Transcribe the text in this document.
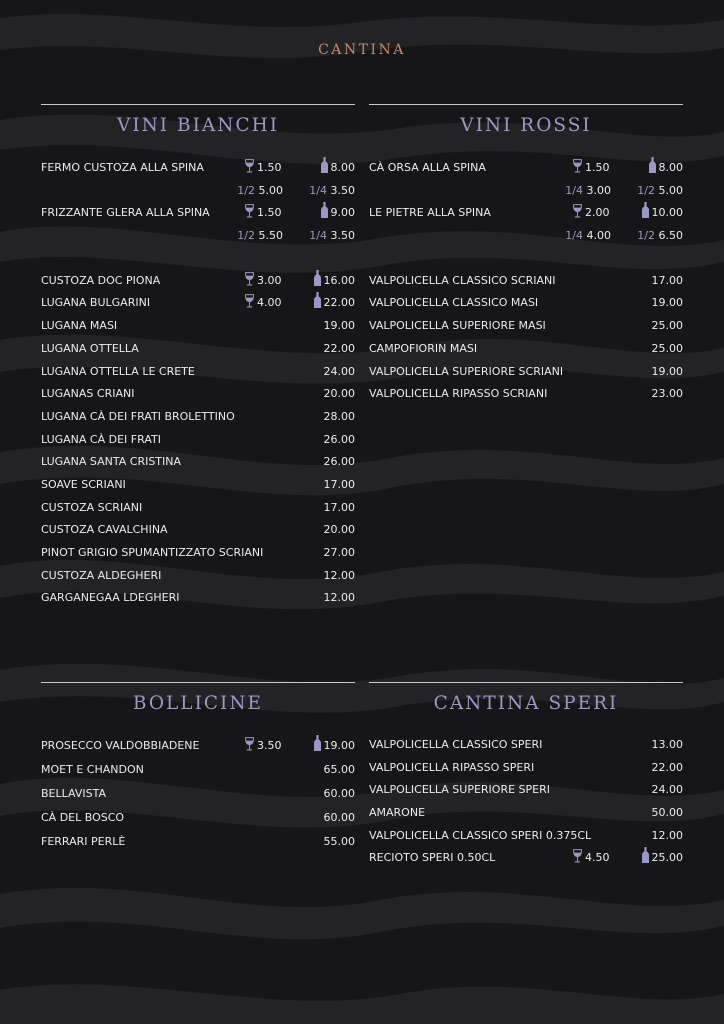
CANTINA
VINI BIANCHI
FERMO CUSTOZA ALLA SPINA	1.50	8.00
1/2 5.00 1/4 3.50
FRIZZANTE GLERA ALLA SPINA	1.50	9.00
1/2 5.50 1/4 3.50
CUSTOZA DOC PIONA	3.00	16.00
LUGANA BULGARINI	4.00	22.00
LUGANA MASI	19.00
LUGANA OTTELLA	22.00
LUGANA OTTELLA LE CRETE	24.00
LUGANAS CRIANI	20.00
LUGANA CÀ DEI FRATI BROLETTINO	28.00
LUGANA CÀ DEI FRATI	26.00
LUGANA SANTA CRISTINA	26.00
SOAVE SCRIANI	17.00
CUSTOZA SCRIANI	17.00
CUSTOZA CAVALCHINA	20.00
PINOT GRIGIO SPUMANTIZZATO SCRIANI	27.00
CUSTOZA ALDEGHERI	12.00
GARGANEGAA LDEGHERI	12.00
VINI ROSSI
CÀ ORSA ALLA SPINA	1.50	8.00
1/4 3.00 1/2 5.00
LE PIETRE ALLA SPINA	2.00	10.00
1/4 4.00 1/2 6.50
VALPOLICELLA CLASSICO SCRIANI	17.00
VALPOLICELLA CLASSICO MASI	19.00
VALPOLICELLA SUPERIORE MASI	25.00
CAMPOFIORIN MASI	25.00
VALPOLICELLA SUPERIORE SCRIANI	19.00
VALPOLICELLA RIPASSO SCRIANI	23.00
BOLLICINE
PROSECCO VALDOBBIADENE	3.50	19.00
MOET E CHANDON	65.00
BELLAVISTA	60.00
CÀ DEL BOSCO	60.00
FERRARI PERLÈ	55.00
CANTINA SPERI
VALPOLICELLA CLASSICO SPERI	13.00
VALPOLICELLA RIPASSO SPERI	22.00
VALPOLICELLA SUPERIORE SPERI	24.00
AMARONE	50.00
VALPOLICELLA CLASSICO SPERI 0.375CL	12.00
RECIOTO SPERI 0.50CL	4.50	25.00
